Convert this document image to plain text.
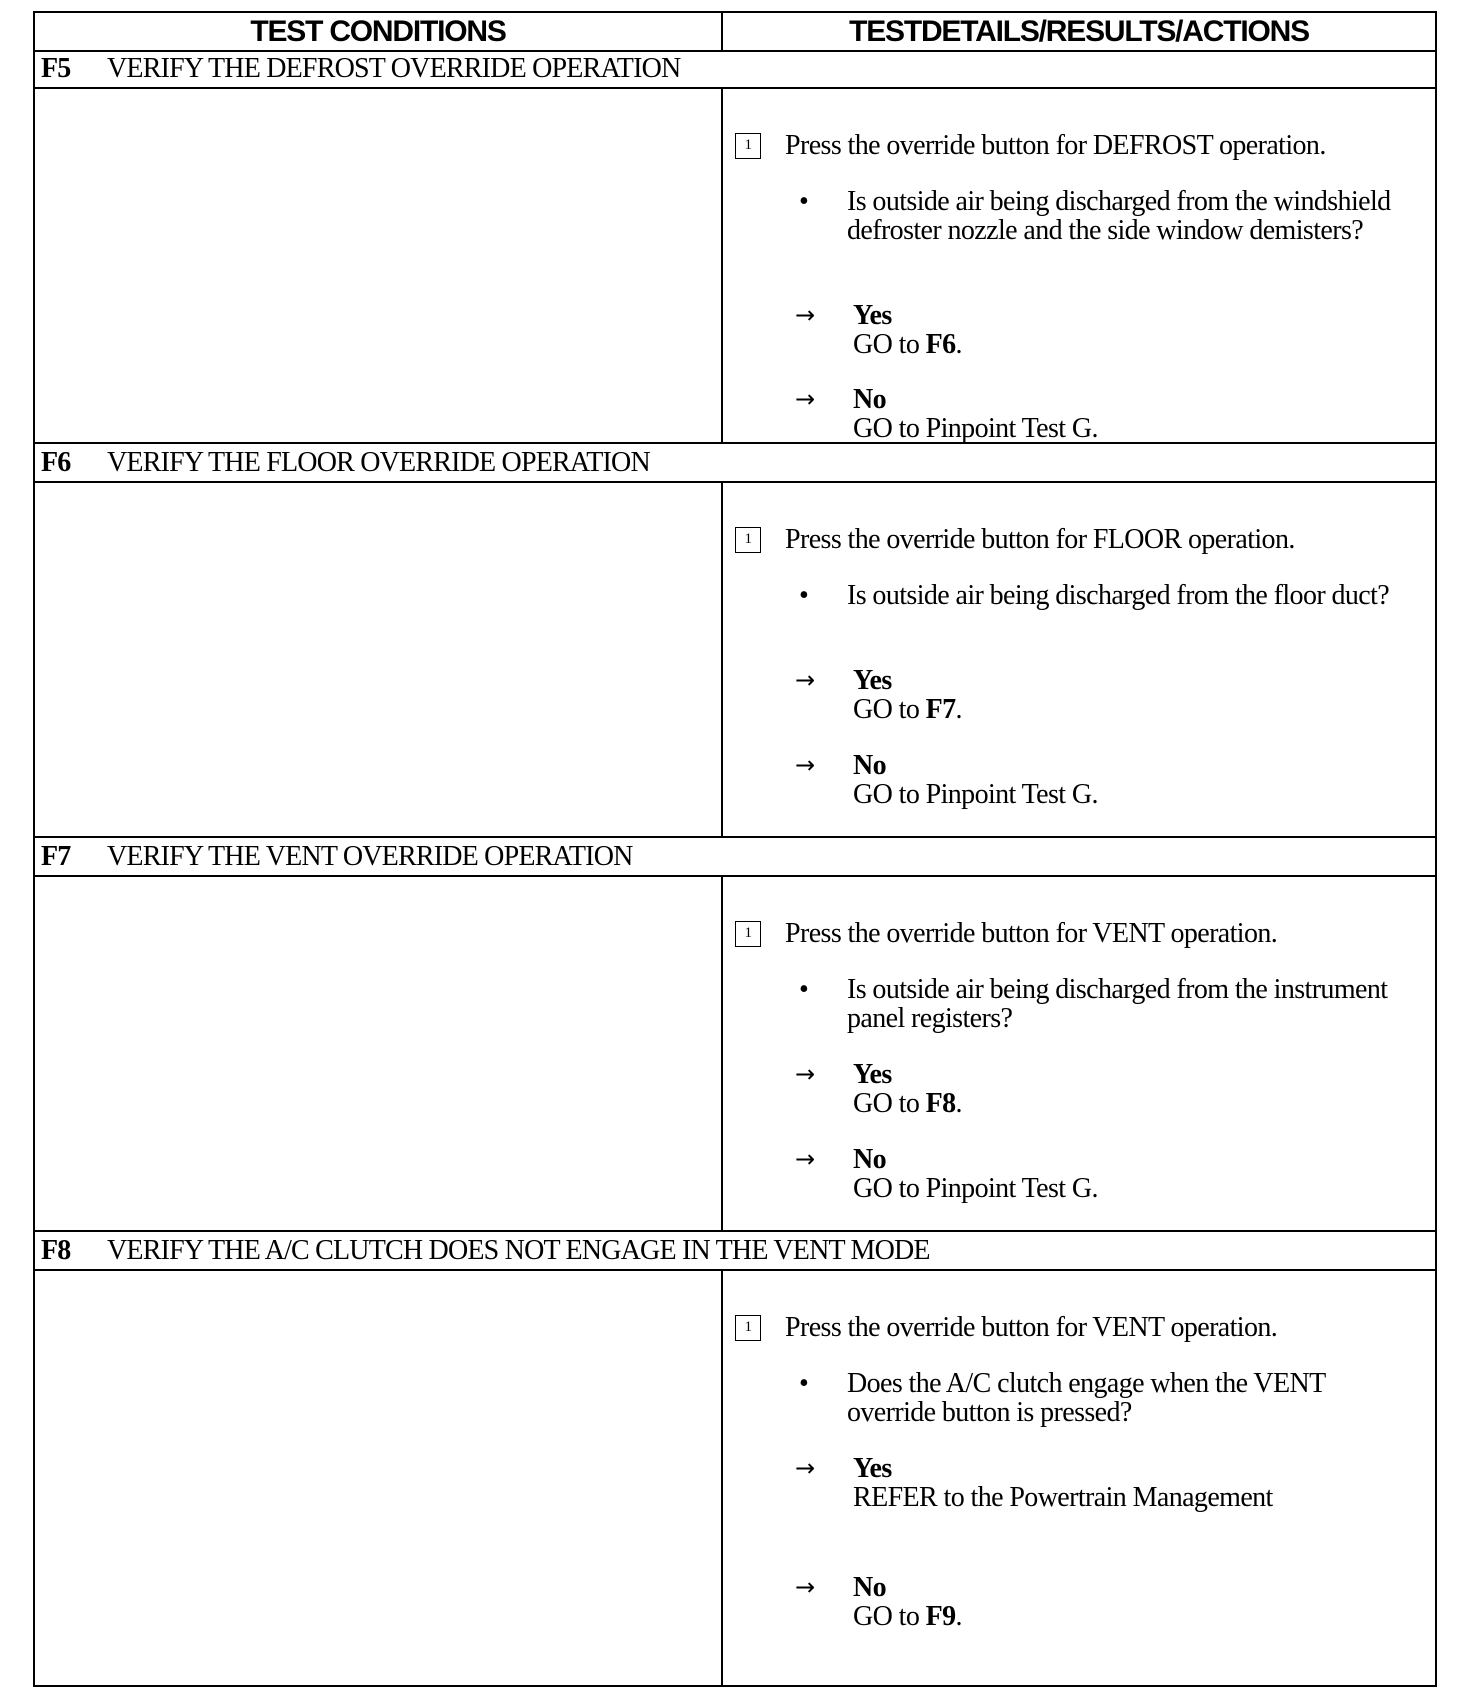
TEST CONDITIONS	TESTDETAILS/RESULTS/ACTIONS
F5 VERIFY THE DEFROST OVERRIDE OPERATION
1 Press the override button for DEFROST operation.
• Is outside air being discharged from the windshield defroster nozzle and the side window demisters?
→ Yes
GO to F6.
→ No
GO to Pinpoint Test G.
F6 VERIFY THE FLOOR OVERRIDE OPERATION
1 Press the override button for FLOOR operation.
• Is outside air being discharged from the floor duct?
→ Yes
GO to F7.
→ No
GO to Pinpoint Test G.
F7 VERIFY THE VENT OVERRIDE OPERATION
1 Press the override button for VENT operation.
• Is outside air being discharged from the instrument panel registers?
→ Yes
GO to F8.
→ No
GO to Pinpoint Test G.
F8 VERIFY THE A/C CLUTCH DOES NOT ENGAGE IN THE VENT MODE
1 Press the override button for VENT operation.
• Does the A/C clutch engage when the VENT override button is pressed?
→ Yes
REFER to the Powertrain Management
→ No
GO to F9.
